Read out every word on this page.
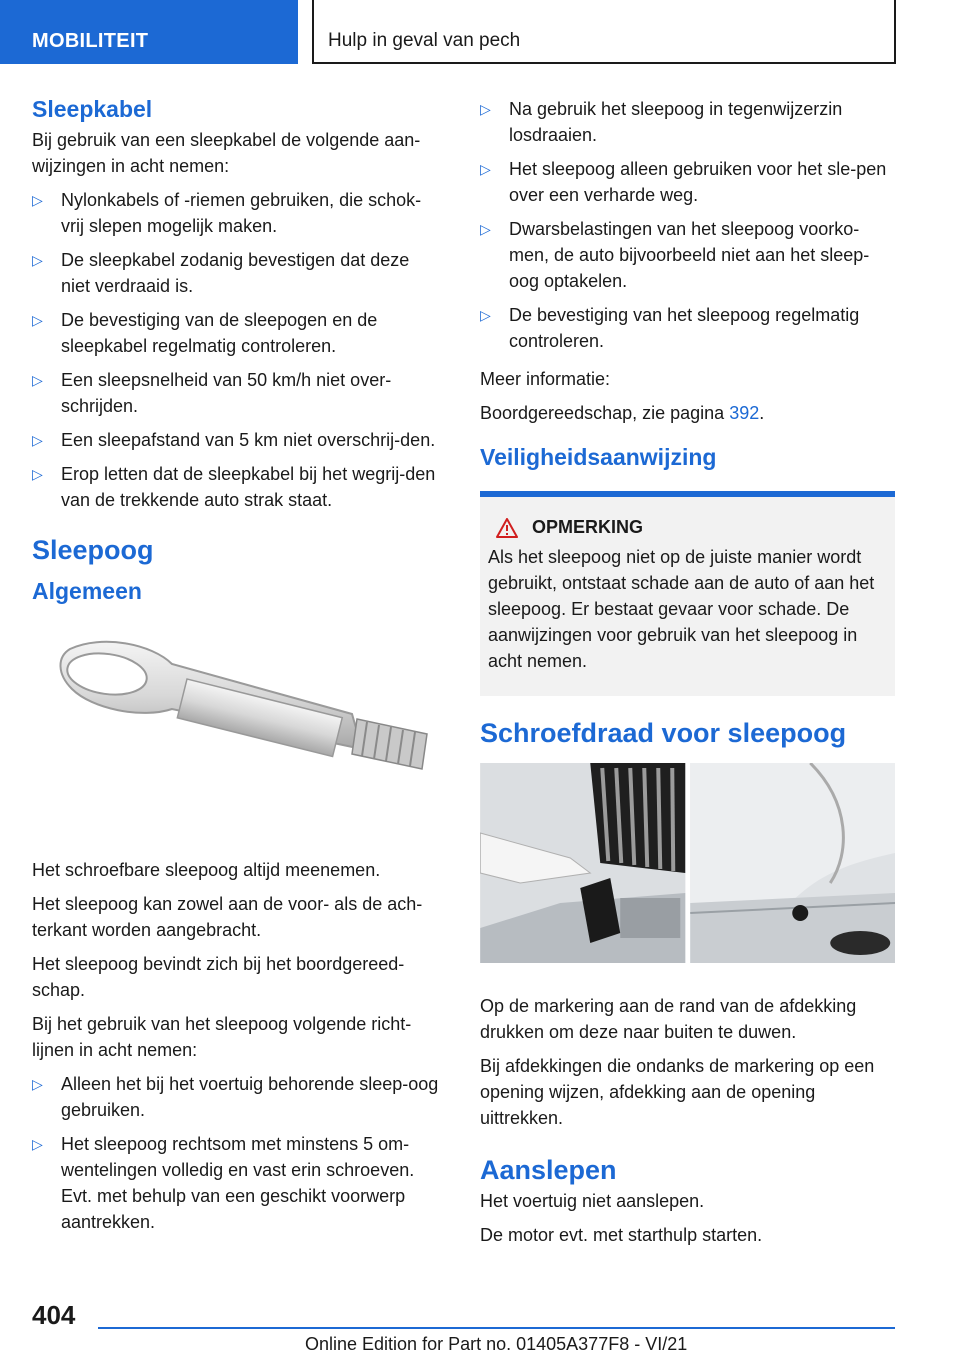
MOBILITEIT	Hulp in geval van pech
Sleepkabel

Bij gebruik van een sleepkabel de volgende aan-wijzingen in acht nemen:

▷ Nylonkabels of -riemen gebruiken, die schok-vrij slepen mogelijk maken.
▷ De sleepkabel zodanig bevestigen dat deze niet verdraaid is.
▷ De bevestiging van de sleepogen en de sleepkabel regelmatig controleren.
▷ Een sleepsnelheid van 50 km/h niet over-schrijden.
▷ Een sleepafstand van 5 km niet overschrij-den.
▷ Erop letten dat de sleepkabel bij het wegrij-den van de trekkende auto strak staat.
Sleepoog
Algemeen

Het schroefbare sleepoog altijd meenemen.

Het sleepoog kan zowel aan de voor- als de ach-terkant worden aangebracht.

Het sleepoog bevindt zich bij het boordgereed-schap.

Bij het gebruik van het sleepoog volgende richt-lijnen in acht nemen:

▷ Alleen het bij het voertuig behorende sleep-oog gebruiken.
▷ Het sleepoog rechtsom met minstens 5 om-wentelingen volledig en vast erin schroeven. Evt. met behulp van een geschikt voorwerp aantrekken.
▷ Na gebruik het sleepoog in tegenwijzerzin losdraaien.
▷ Het sleepoog alleen gebruiken voor het sle-pen over een verharde weg.
▷ Dwarsbelastingen van het sleepoog voorko-men, de auto bijvoorbeeld niet aan het sleep-oog optakelen.
▷ De bevestiging van het sleepoog regelmatig controleren.

Meer informatie:

Boordgereedschap, zie pagina 392.

Veiligheidsaanwijzing
OPMERKING

Als het sleepoog niet op de juiste manier wordt gebruikt, ontstaat schade aan de auto of aan het sleepoog. Er bestaat gevaar voor schade. De aanwijzingen voor gebruik van het sleepoog in acht nemen.

Schroefdraad voor sleepoog

Op de markering aan de rand van de afdekking drukken om deze naar buiten te duwen.

Bij afdekkingen die ondanks de markering op een opening wijzen, afdekking aan de opening uittrekken.

Aanslepen

Het voertuig niet aanslepen.

De motor evt. met starthulp starten.

404
Online Edition for Part no. 01405A377F8 - VI/21
